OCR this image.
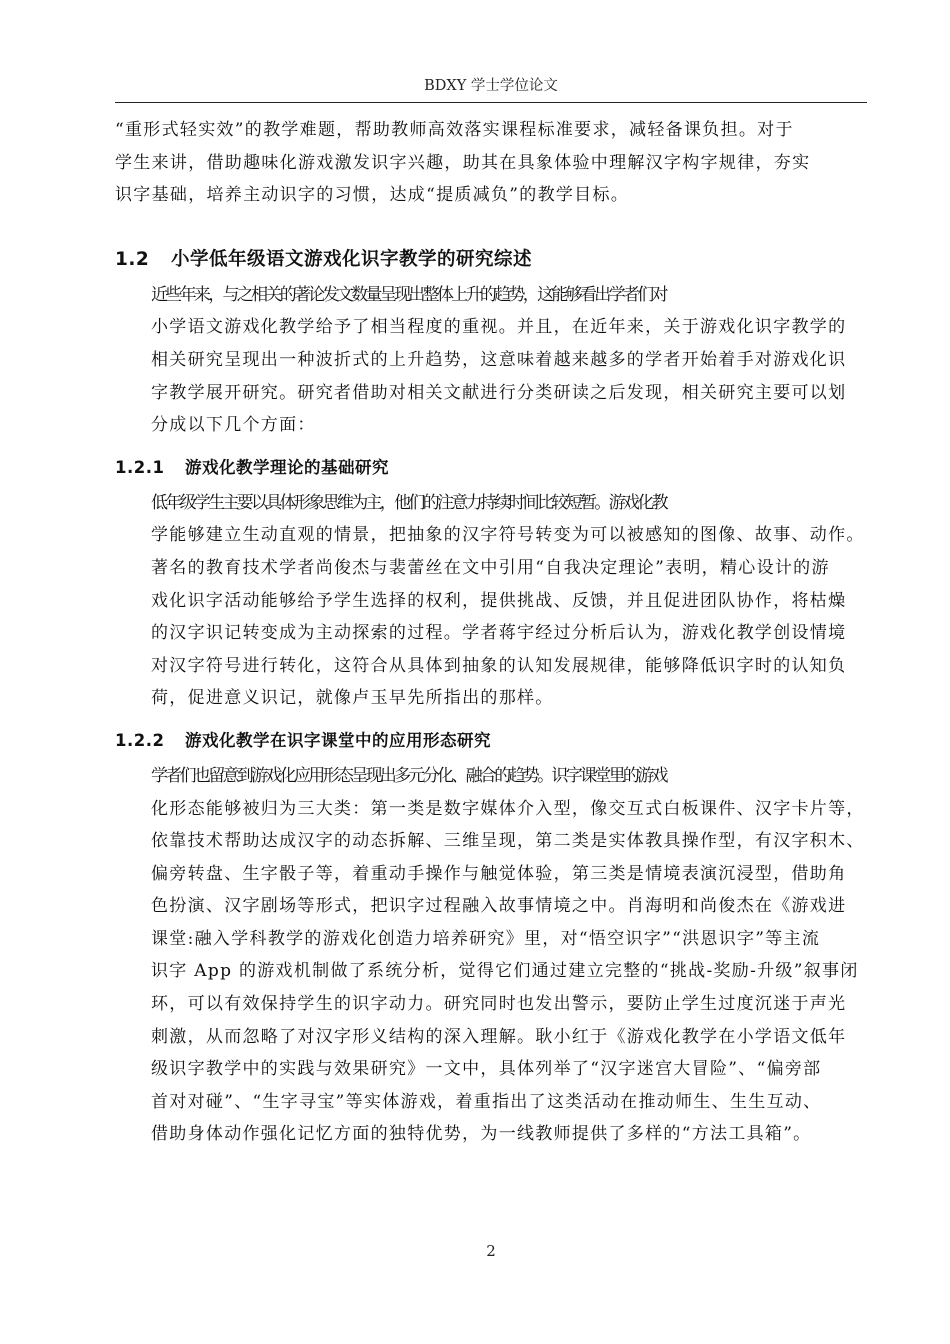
BDXY 学士学位论文

“重形式轻实效”的教学难题，帮助教师高效落实课程标准要求，减轻备课负担。对于
学生来讲，借助趣味化游戏激发识字兴趣，助其在具象体验中理解汉字构字规律，夯实
识字基础，培养主动识字的习惯，达成“提质减负”的教学目标。

1.2 小学低年级语文游戏化识字教学的研究综述

近些年来，与之相关的著论发文数量呈现出整体上升的趋势，这能够看出学者们对
小学语文游戏化教学给予了相当程度的重视。并且，在近年来，关于游戏化识字教学的
相关研究呈现出一种波折式的上升趋势，这意味着越来越多的学者开始着手对游戏化识
字教学展开研究。研究者借助对相关文献进行分类研读之后发现，相关研究主要可以划
分成以下几个方面：

1.2.1 游戏化教学理论的基础研究

低年级学生主要以具体形象思维为主，他们的注意力持续时间比较短暂。游戏化教
学能够建立生动直观的情景，把抽象的汉字符号转变为可以被感知的图像、故事、动作。
著名的教育技术学者尚俊杰与裴蕾丝在文中引用“自我决定理论”表明，精心设计的游
戏化识字活动能够给予学生选择的权利，提供挑战、反馈，并且促进团队协作，将枯燥
的汉字识记转变成为主动探索的过程。学者蒋宇经过分析后认为，游戏化教学创设情境
对汉字符号进行转化，这符合从具体到抽象的认知发展规律，能够降低识字时的认知负
荷，促进意义识记，就像卢玉早先所指出的那样。

1.2.2 游戏化教学在识字课堂中的应用形态研究

学者们也留意到游戏化应用形态呈现出多元分化、融合的趋势。识字课堂里的游戏
化形态能够被归为三大类：第一类是数字媒体介入型，像交互式白板课件、汉字卡片等，
依靠技术帮助达成汉字的动态拆解、三维呈现，第二类是实体教具操作型，有汉字积木、
偏旁转盘、生字骰子等，着重动手操作与触觉体验，第三类是情境表演沉浸型，借助角
色扮演、汉字剧场等形式，把识字过程融入故事情境之中。肖海明和尚俊杰在《游戏进
课堂:融入学科教学的游戏化创造力培养研究》里，对“悟空识字”“洪恩识字”等主流
识字 App 的游戏机制做了系统分析，觉得它们通过建立完整的“挑战-奖励-升级”叙事闭
环，可以有效保持学生的识字动力。研究同时也发出警示，要防止学生过度沉迷于声光
刺激，从而忽略了对汉字形义结构的深入理解。耿小红于《游戏化教学在小学语文低年
级识字教学中的实践与效果研究》一文中，具体列举了“汉字迷宫大冒险”、“偏旁部
首对对碰”、“生字寻宝”等实体游戏，着重指出了这类活动在推动师生、生生互动、
借助身体动作强化记忆方面的独特优势，为一线教师提供了多样的“方法工具箱”。

2
